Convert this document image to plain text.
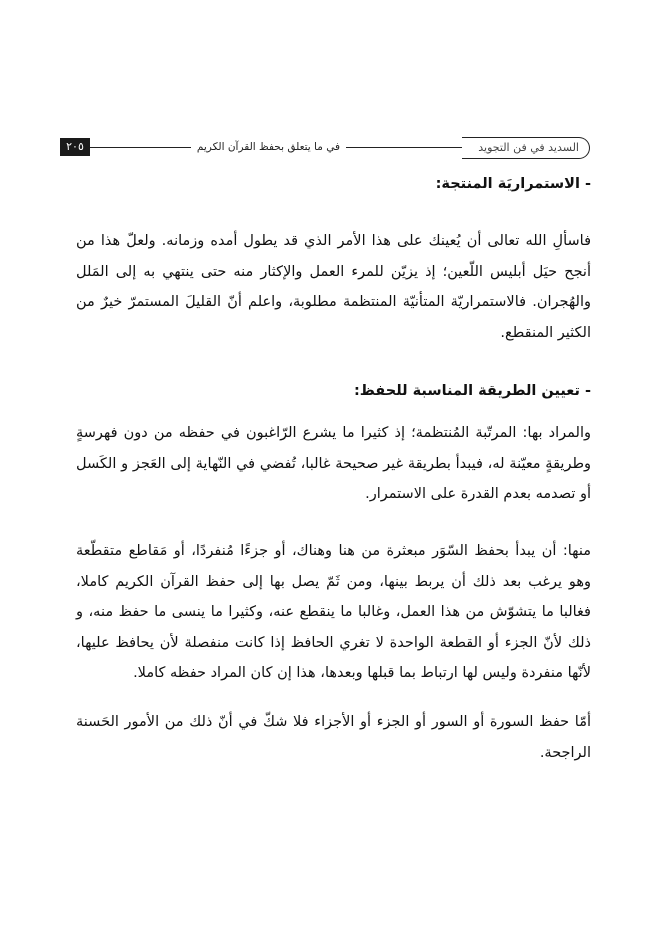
السديد في فن التجويد
في ما يتعلق بحفظ القرآن الكريم
٢٠٥
- الاستمراريَة المنتجة:

فاسألِ الله تعالى أن يُعينك على هذا الأمر الذي قد يطول أمده وزمانه. ولعلّ هذا من أنجح حيَل أبليس اللّعين؛ إذ يزيّن للمرء العمل والإكثار منه حتى ينتهي به إلى المَلل والهُجران. فالاستمراريّة المتأنيّة المنتظمة مطلوبة، واعلم أنّ القليلَ المستمرّ خيرٌ من الكثير المنقطع.

- تعيين الطريقة المناسبة للحفظ:

والمراد بها: المرتّبة المُنتظمة؛ إذ كثيرا ما يشرع الرّاغبون في حفظه من دون فهرسةٍ وطريقةٍ معيّنة له، فيبدأ بطريقة غير صحيحة غالبا، تُفضي في النّهاية إلى العَجز و الكَسل أو تصدمه بعدم القدرة على الاستمرار.

منها: أن يبدأ بحفظ السّوَر مبعثرة من هنا وهناك، أو جزءًا مُنفردًا، أو مَقاطع متقطّعة وهو يرغب بعد ذلك أن يربط بينها، ومن ثَمّ يصل بها إلى حفظ القرآن الكريم كاملا، فغالبا ما يتشوّش من هذا العمل، وغالبا ما ينقطع عنه، وكثيرا ما ينسى ما حفظ منه، و ذلك لأنّ الجزء أو القطعة الواحدة لا تغري الحافظ إذا كانت منفصلة لأن يحافظ عليها، لأنّها منفردة وليس لها ارتباط بما قبلها وبعدها، هذا إن كان المراد حفظه كاملا.

أمّا حفظ السورة أو السور أو الجزء أو الأجزاء فلا شكّ في أنّ ذلك من الأمور الحَسنة الراجحة.
